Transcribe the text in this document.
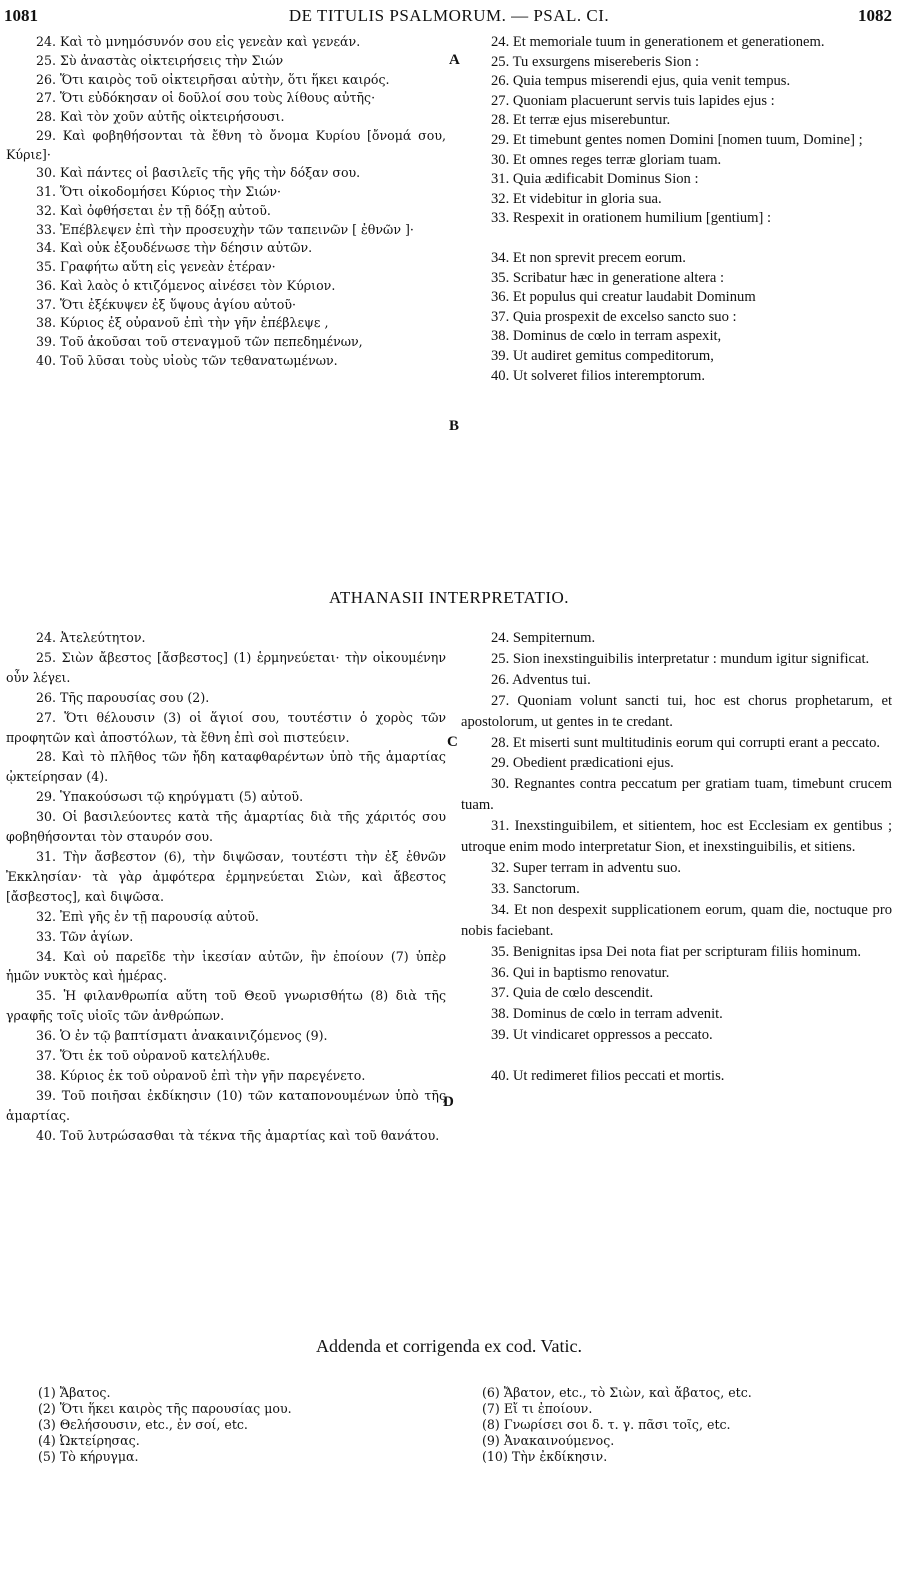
1081	DE TITULIS PSALMORUM. — PSAL. CI.	1082

24. Καὶ τὸ μνημόσυνόν σου εἰς γενεὰν καὶ γενεάν.

25. Σὺ ἀναστὰς οἰκτειρήσεις τὴν Σιών

26. Ὅτι καιρὸς τοῦ οἰκτειρῆσαι αὐτὴν, ὅτι ἥκει καιρός.

27. Ὅτι εὐδόκησαν οἱ δοῦλοί σου τοὺς λίθους αὐτῆς·

28. Καὶ τὸν χοῦν αὐτῆς οἰκτειρήσουσι.

29. Καὶ φοβηθήσονται τὰ ἔθνη τὸ ὄνομα Κυρίου [ὄνομά σου, Κύριε]·

30. Καὶ πάντες οἱ βασιλεῖς τῆς γῆς τὴν δόξαν σου.

31. Ὅτι οἰκοδομήσει Κύριος τὴν Σιών·

32. Καὶ ὀφθήσεται ἐν τῇ δόξῃ αὐτοῦ.

33. Ἐπέβλεψεν ἐπὶ τὴν προσευχὴν τῶν ταπεινῶν [ ἐθνῶν ]·

34. Καὶ οὐκ ἐξουδένωσε τὴν δέησιν αὐτῶν.

35. Γραφήτω αὕτη εἰς γενεὰν ἑτέραν·

36. Καὶ λαὸς ὁ κτιζόμενος αἰνέσει τὸν Κύριον.

37. Ὅτι ἐξέκυψεν ἐξ ὕψους ἁγίου αὐτοῦ·

38. Κύριος ἐξ οὐρανοῦ ἐπὶ τὴν γῆν ἐπέβλεψε ,

39. Τοῦ ἀκοῦσαι τοῦ στεναγμοῦ τῶν πεπεδημένων,

40. Τοῦ λῦσαι τοὺς υἱοὺς τῶν τεθανατωμένων.

24. Et memoriale tuum in generationem et generationem.

25. Tu exsurgens misereberis Sion :

26. Quia tempus miserendi ejus, quia venit tempus.

27. Quoniam placuerunt servis tuis lapides ejus :

28. Et terræ ejus miserebuntur.

29. Et timebunt gentes nomen Domini [nomen tuum, Domine] ;

30. Et omnes reges terræ gloriam tuam.

31. Quia ædificabit Dominus Sion :

32. Et videbitur in gloria sua.

33. Respexit in orationem humilium [gentium] :

34. Et non sprevit precem eorum.

35. Scribatur hæc in generatione altera :

36. Et populus qui creatur laudabit Dominum

37. Quia prospexit de excelso sancto suo :

38. Dominus de cœlo in terram aspexit,

39. Ut audiret gemitus compeditorum,

40. Ut solveret filios interemptorum.

A
B
ATHANASII INTERPRETATIO.

24. Ἀτελεύτητον.

25. Σιὼν ἄβεστος [ἄσβεστος] (1) ἑρμηνεύεται· τὴν οἰκουμένην οὖν λέγει.

26. Τῆς παρουσίας σου (2).

27. Ὅτι θέλουσιν (3) οἱ ἅγιοί σου, τουτέστιν ὁ χορὸς τῶν προφητῶν καὶ ἀποστόλων, τὰ ἔθνη ἐπὶ σοὶ πιστεύειν.

28. Καὶ τὸ πλῆθος τῶν ἤδη καταφθαρέντων ὑπὸ τῆς ἁμαρτίας ᾠκτείρησαν (4).

29. Ὑπακούσωσι τῷ κηρύγματι (5) αὐτοῦ.

30. Οἱ βασιλεύοντες κατὰ τῆς ἁμαρτίας διὰ τῆς χάριτός σου φοβηθήσονται τὸν σταυρόν σου.

31. Τὴν ἄσβεστον (6), τὴν διψῶσαν, τουτέστι τὴν ἐξ ἐθνῶν Ἐκκλησίαν· τὰ γὰρ ἀμφότερα ἑρμηνεύεται Σιὼν, καὶ ἄβεστος [ἄσβεστος], καὶ διψῶσα.

32. Ἐπὶ γῆς ἐν τῇ παρουσίᾳ αὐτοῦ.

33. Τῶν ἁγίων.

34. Καὶ οὐ παρεῖδε τὴν ἱκεσίαν αὐτῶν, ἣν ἐποίουν (7) ὑπὲρ ἡμῶν νυκτὸς καὶ ἡμέρας.

35. Ἡ φιλανθρωπία αὕτη τοῦ Θεοῦ γνωρισθήτω (8) διὰ τῆς γραφῆς τοῖς υἱοῖς τῶν ἀνθρώπων.

36. Ὁ ἐν τῷ βαπτίσματι ἀνακαινιζόμενος (9).

37. Ὅτι ἐκ τοῦ οὐρανοῦ κατελήλυθε.

38. Κύριος ἐκ τοῦ οὐρανοῦ ἐπὶ τὴν γῆν παρεγένετο.

39. Τοῦ ποιῆσαι ἐκδίκησιν (10) τῶν καταπονουμένων ὑπὸ τῆς ἁμαρτίας.

40. Τοῦ λυτρώσασθαι τὰ τέκνα τῆς ἁμαρτίας καὶ τοῦ θανάτου.

24. Sempiternum.

25. Sion inexstinguibilis interpretatur : mundum igitur significat.

26. Adventus tui.

27. Quoniam volunt sancti tui, hoc est chorus prophetarum, et apostolorum, ut gentes in te credant.

28. Et miserti sunt multitudinis eorum qui corrupti erant a peccato.

29. Obedient prædicationi ejus.

30. Regnantes contra peccatum per gratiam tuam, timebunt crucem tuam.

31. Inexstinguibilem, et sitientem, hoc est Ecclesiam ex gentibus ; utroque enim modo interpretatur Sion, et inexstinguibilis, et sitiens.

32. Super terram in adventu suo.

33. Sanctorum.

34. Et non despexit supplicationem eorum, quam die, noctuque pro nobis faciebant.

35. Benignitas ipsa Dei nota fiat per scripturam filiis hominum.

36. Qui in baptismo renovatur.

37. Quia de cœlo descendit.

38. Dominus de cœlo in terram advenit.

39. Ut vindicaret oppressos a peccato.

40. Ut redimeret filios peccati et mortis.

C
D
Addenda et corrigenda ex cod. Vatic.
(1) Ἄβατος.
(2) Ὅτι ἥκει καιρὸς τῆς παρουσίας μου.
(3) Θελήσουσιν, etc., ἐν σοί, etc.
(4) Ὠκτείρησας.
(5) Τὸ κήρυγμα.
(6) Ἄβατον, etc., τὸ Σιὼν, καὶ ἄβατος, etc.
(7) Εἴ τι ἐποίουν.
(8) Γνωρίσει σοι δ. τ. γ. πᾶσι τοῖς, etc.
(9) Ἀνακαινούμενος.
(10) Τὴν ἐκδίκησιν.
